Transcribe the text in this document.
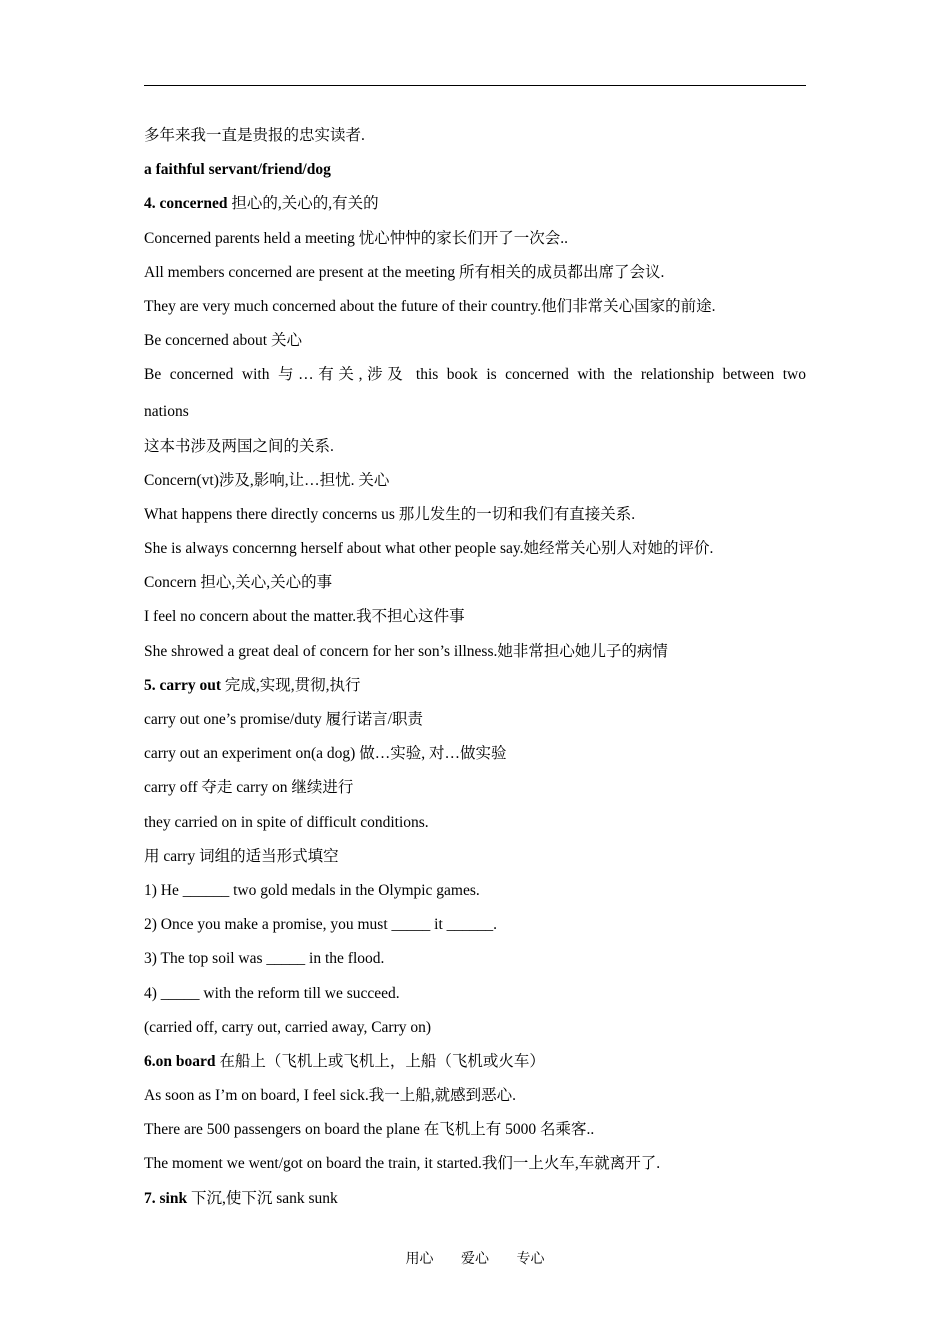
多年来我一直是贵报的忠实读者.
a faithful servant/friend/dog
4. concerned 担心的,关心的,有关的
Concerned parents held a meeting 忧心忡忡的家长们开了一次会..
All members concerned are present at the meeting 所有相关的成员都出席了会议.
They are very much concerned about the future of their country.他们非常关心国家的前途.
Be concerned about 关心
Be concerned with 与…有关,涉及 this book is concerned with the relationship between two
nations
这本书涉及两国之间的关系.
Concern(vt)涉及,影响,让…担忧. 关心
What happens there directly concerns us 那儿发生的一切和我们有直接关系.
She is always concernng herself about what other people say.她经常关心别人对她的评价.
Concern 担心,关心,关心的事
I feel no concern about the matter.我不担心这件事
She shrowed a great deal of concern for her son’s illness.她非常担心她儿子的病情
5. carry out 完成,实现,贯彻,执行
carry out one’s promise/duty 履行诺言/职责
carry out an experiment on(a dog) 做…实验, 对…做实验
carry off 夺走 carry on 继续进行
they carried on in spite of difficult conditions.
用 carry 词组的适当形式填空
1) He ______ two gold medals in the Olympic games.
2) Once you make a promise, you must _____ it ______.
3) The top soil was _____ in the flood.
4) _____ with the reform till we succeed.
(carried off, carry out, carried away, Carry on)
6.on board 在船上（飞机上或飞机上，上船（飞机或火车）
As soon as I’m on board, I feel sick.我一上船,就感到恶心.
There are 500 passengers on board the plane 在飞机上有 5000 名乘客..
The moment we went/got on board the train, it started.我们一上火车,车就离开了.
7. sink 下沉,使下沉 sank sunk
用心 爱心 专心
